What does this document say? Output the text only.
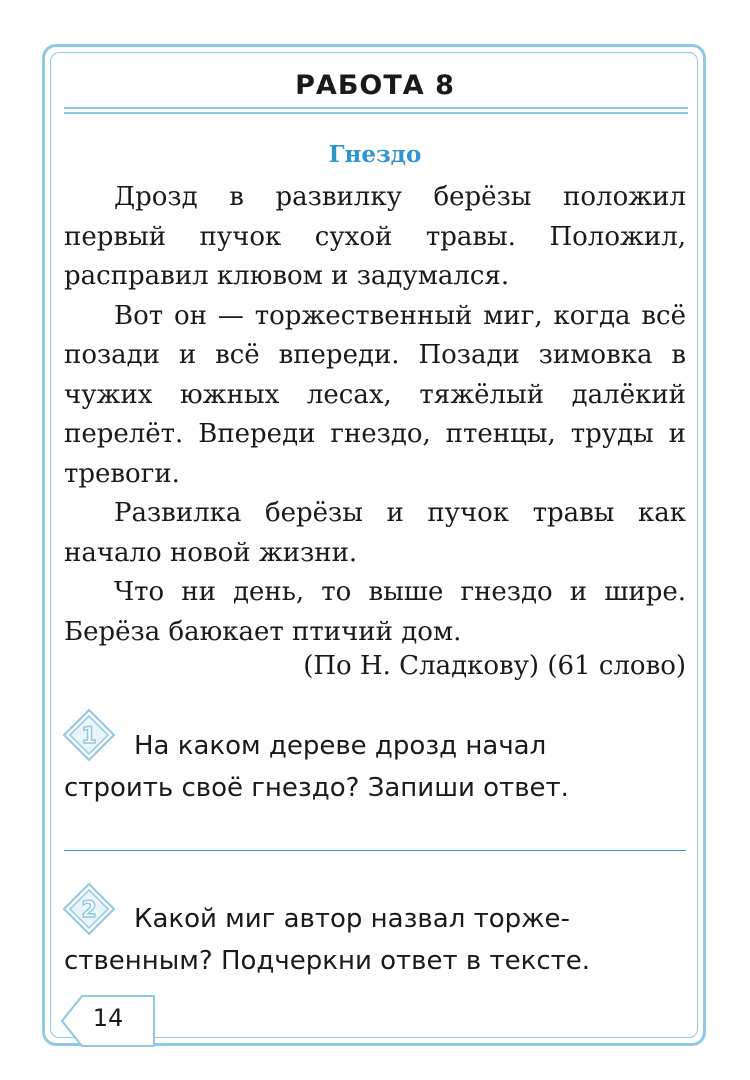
РАБОТА 8
Гнездо

Дрозд в развилку берёзы положил первый пучок сухой травы. Положил, расправил клювом и задумался.

Вот он — торжественный миг, когда всё позади и всё впереди. Позади зимовка в чужих южных лесах, тяжёлый далёкий перелёт. Впереди гнездо, птенцы, труды и тревоги.

Развилка берёзы и пучок травы как начало новой жизни.

Что ни день, то выше гнездо и шире. Берёза баюкает птичий дом.

(По Н. Сладкову) (61 слово)
1	На каком дереве дрозд начал
строить своё гнездо? Запиши ответ.
2	Какой миг автор назвал торже-
ственным? Подчеркни ответ в тексте.
14
